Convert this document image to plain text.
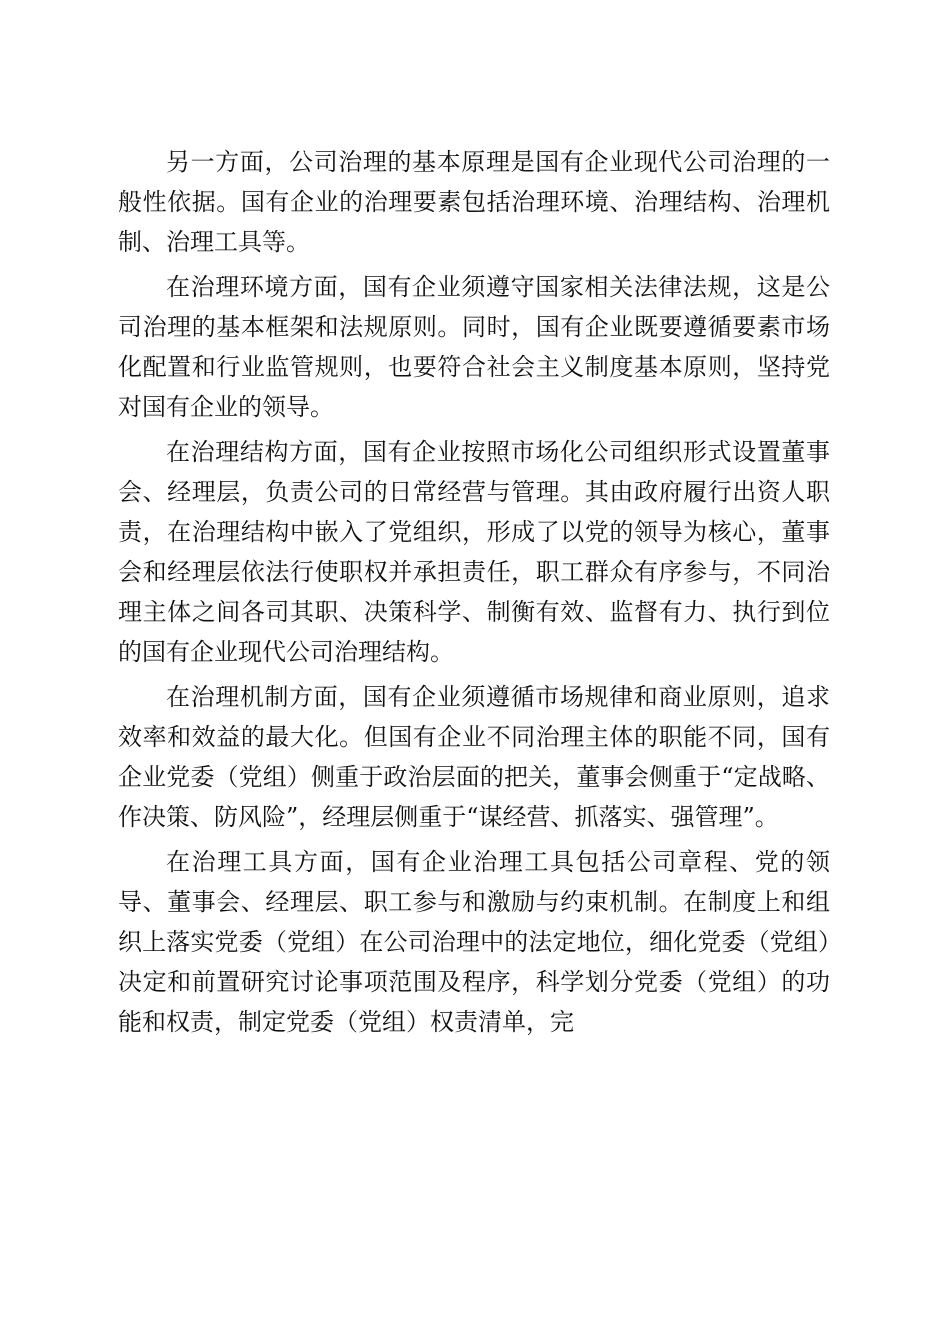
另一方面，公司治理的基本原理是国有企业现代公司治理的一般性依据。国有企业的治理要素包括治理环境、治理结构、治理机制、治理工具等。

在治理环境方面，国有企业须遵守国家相关法律法规，这是公司治理的基本框架和法规原则。同时，国有企业既要遵循要素市场化配置和行业监管规则，也要符合社会主义制度基本原则，坚持党对国有企业的领导。

在治理结构方面，国有企业按照市场化公司组织形式设置董事会、经理层，负责公司的日常经营与管理。其由政府履行出资人职责，在治理结构中嵌入了党组织，形成了以党的领导为核心，董事会和经理层依法行使职权并承担责任，职工群众有序参与，不同治理主体之间各司其职、决策科学、制衡有效、监督有力、执行到位的国有企业现代公司治理结构。

在治理机制方面，国有企业须遵循市场规律和商业原则，追求效率和效益的最大化。但国有企业不同治理主体的职能不同，国有企业党委（党组）侧重于政治层面的把关，董事会侧重于“定战略、作决策、防风险”，经理层侧重于“谋经营、抓落实、强管理”。

在治理工具方面，国有企业治理工具包括公司章程、党的领导、董事会、经理层、职工参与和激励与约束机制。在制度上和组织上落实党委（党组）在公司治理中的法定地位，细化党委（党组）决定和前置研究讨论事项范围及程序，科学划分党委（党组）的功能和权责，制定党委（党组）权责清单，完
